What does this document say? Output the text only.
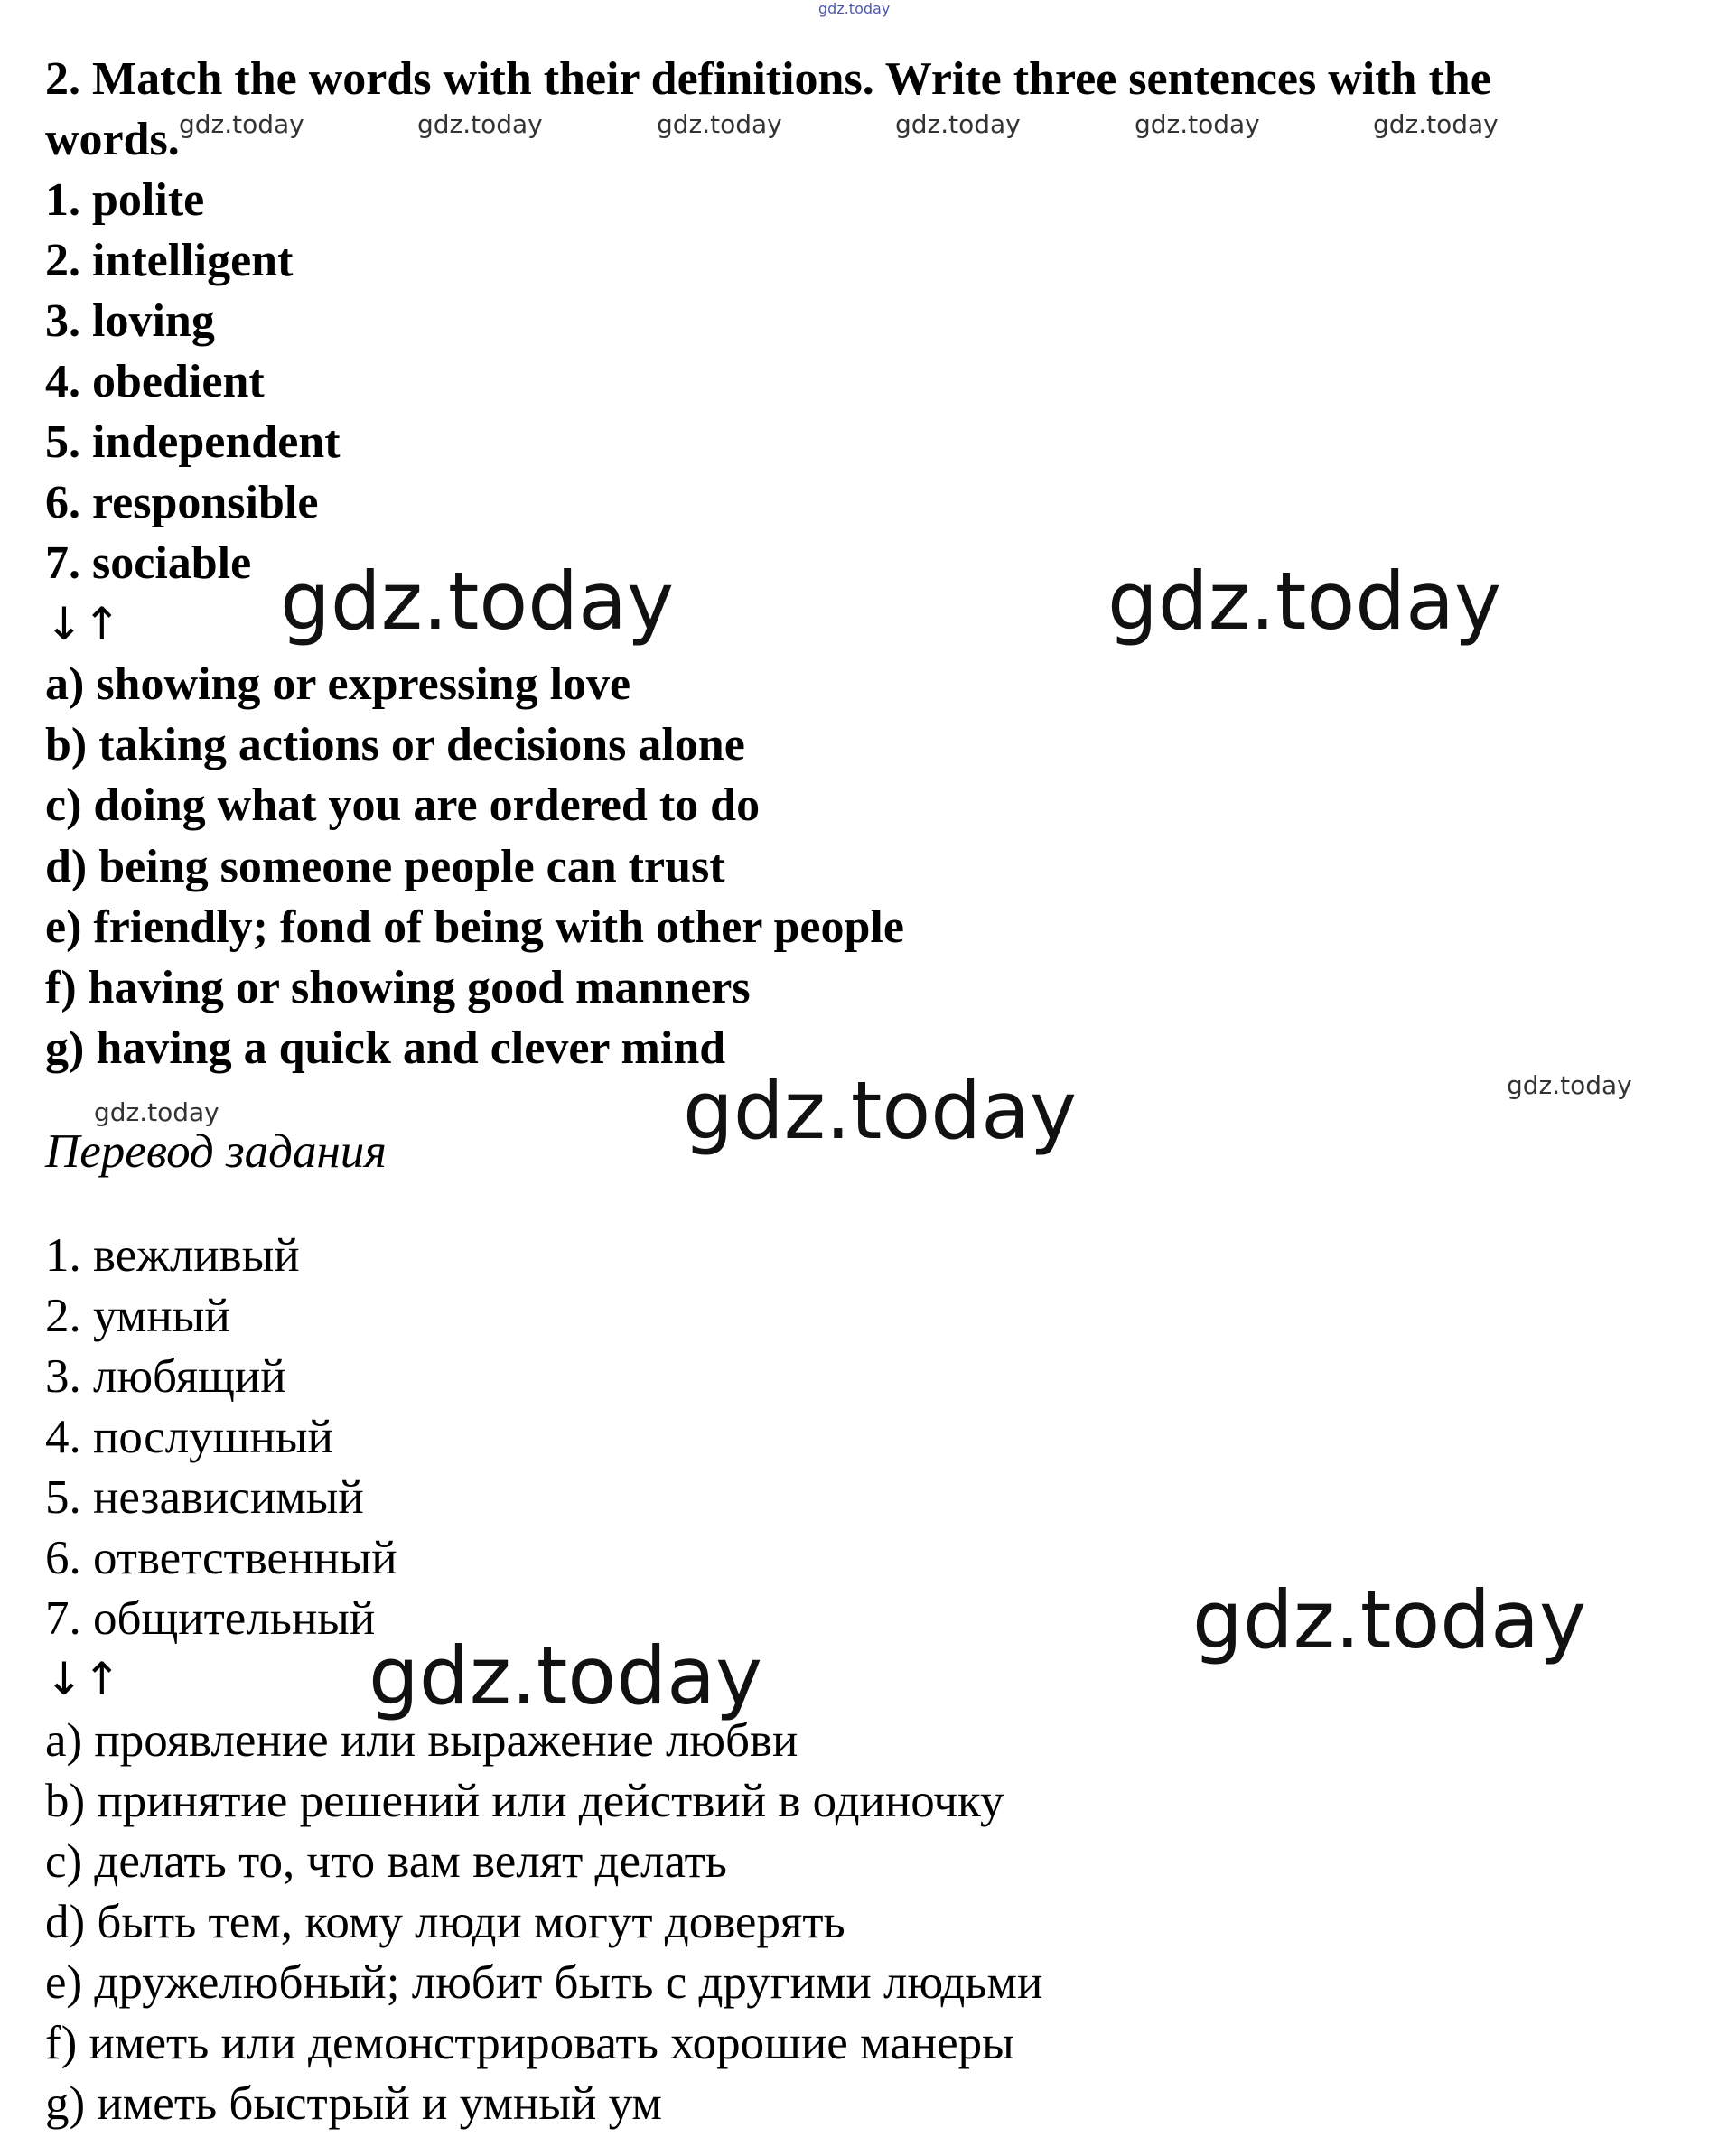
gdz.today
gdz.today	gdz.today	gdz.today	gdz.today	gdz.today	gdz.today
gdz.today	gdz.today
gdz.today
gdz.today	gdz.today
gdz.today
gdz.today
2. Match the words with their definitions. Write three sentences with the
words.
1. polite
2. intelligent
3. loving
4. obedient
5. independent
6. responsible
7. sociable
↓↑
a) showing or expressing love
b) taking actions or decisions alone
c) doing what you are ordered to do
d) being someone people can trust
e) friendly; fond of being with other people
f) having or showing good manners
g) having a quick and clever mind
Перевод задания
1. вежливый
2. умный
3. любящий
4. послушный
5. независимый
6. ответственный
7. общительный
↓↑
a) проявление или выражение любви
b) принятие решений или действий в одиночку
c) делать то, что вам велят делать
d) быть тем, кому люди могут доверять
e) дружелюбный; любит быть с другими людьми
f) иметь или демонстрировать хорошие манеры
g) иметь быстрый и умный ум
